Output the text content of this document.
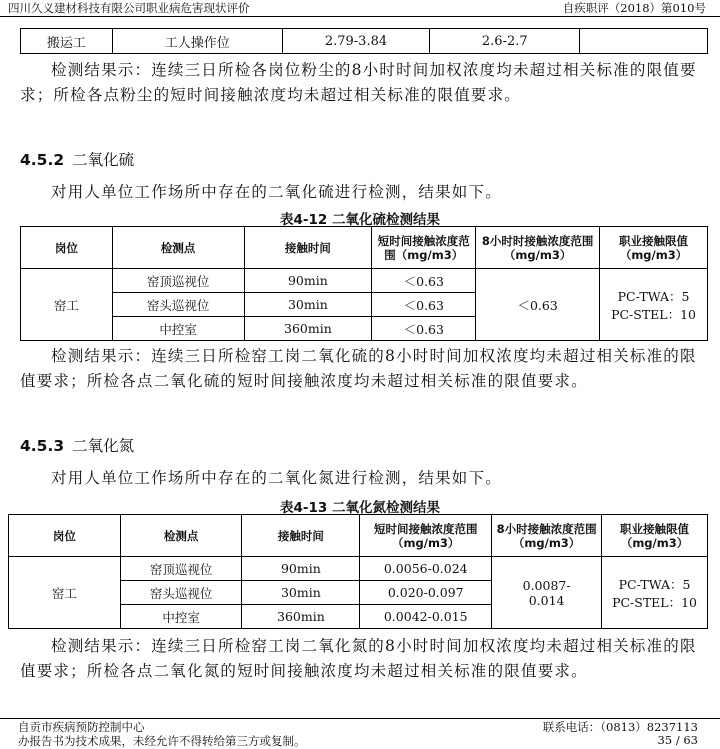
四川久义建材科技有限公司职业病危害现状评价	自疾职评（2018）第010号
搬运工	工人操作位	2.79-3.84	2.6-2.7	

检测结果示：连续三日所检各岗位粉尘的8小时时间加权浓度均未超过相关标准的限值要求；所检各点粉尘的短时间接触浓度均未超过相关标准的限值要求。

4.5.2 二氧化硫

对用人单位工作场所中存在的二氧化硫进行检测，结果如下。

表4-12 二氧化硫检测结果
岗位	检测点	接触时间	短时间接触浓度范围（mg/m3）	8小时时接触浓度范围（mg/m3）	职业接触限值（mg/m3）
窑工	窑顶巡视位	90min	＜0.63	＜0.63	PC-TWA：5
PC-STEL：10

	窑头巡视位	30min	＜0.63		
	中控室	360min	＜0.63		

检测结果示：连续三日所检窑工岗二氧化硫的8小时时间加权浓度均未超过相关标准的限值要求；所检各点二氧化硫的短时间接触浓度均未超过相关标准的限值要求。

4.5.3 二氧化氮

对用人单位工作场所中存在的二氧化氮进行检测，结果如下。

表4-13 二氧化氮检测结果
岗位	检测点	接触时间	短时间接触浓度范围（mg/m3）	8小时接触浓度范围（mg/m3）	职业接触限值（mg/m3）
窑工	窑顶巡视位	90min	0.0056-0.024	0.0087-0.014	PC-TWA：5
PC-STEL：10

	窑头巡视位	30min	0.020-0.097		
	中控室	360min	0.0042-0.015		

检测结果示：连续三日所检窑工岗二氧化氮的8小时时间加权浓度均未超过相关标准的限值要求；所检各点二氧化氮的短时间接触浓度均未超过相关标准的限值要求。

自贡市疾病预防控制中心	联系电话：（0813）8237113
办报告书为技术成果，未经允许不得转给第三方或复制。	35 / 63
